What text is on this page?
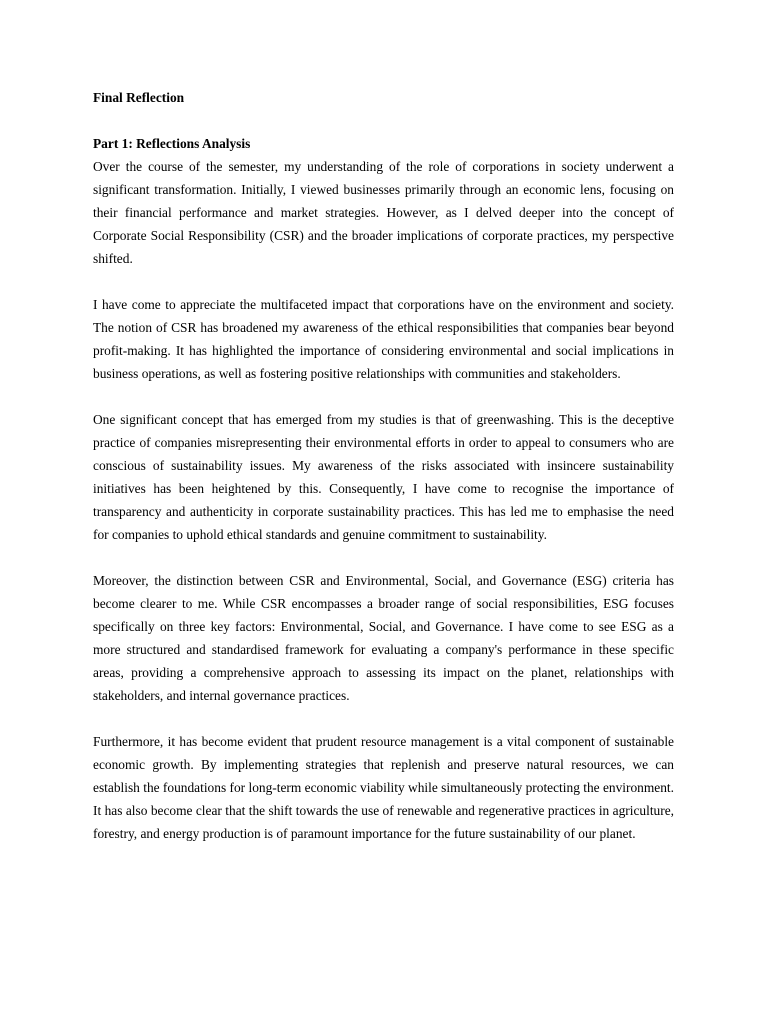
Final Reflection

Part 1: Reflections Analysis

Over the course of the semester, my understanding of the role of corporations in society underwent a significant transformation. Initially, I viewed businesses primarily through an economic lens, focusing on their financial performance and market strategies. However, as I delved deeper into the concept of Corporate Social Responsibility (CSR) and the broader implications of corporate practices, my perspective shifted.

I have come to appreciate the multifaceted impact that corporations have on the environment and society. The notion of CSR has broadened my awareness of the ethical responsibilities that companies bear beyond profit-making. It has highlighted the importance of considering environmental and social implications in business operations, as well as fostering positive relationships with communities and stakeholders.

One significant concept that has emerged from my studies is that of greenwashing. This is the deceptive practice of companies misrepresenting their environmental efforts in order to appeal to consumers who are conscious of sustainability issues. My awareness of the risks associated with insincere sustainability initiatives has been heightened by this. Consequently, I have come to recognise the importance of transparency and authenticity in corporate sustainability practices. This has led me to emphasise the need for companies to uphold ethical standards and genuine commitment to sustainability.

Moreover, the distinction between CSR and Environmental, Social, and Governance (ESG) criteria has become clearer to me. While CSR encompasses a broader range of social responsibilities, ESG focuses specifically on three key factors: Environmental, Social, and Governance. I have come to see ESG as a more structured and standardised framework for evaluating a company's performance in these specific areas, providing a comprehensive approach to assessing its impact on the planet, relationships with stakeholders, and internal governance practices.

Furthermore, it has become evident that prudent resource management is a vital component of sustainable economic growth. By implementing strategies that replenish and preserve natural resources, we can establish the foundations for long-term economic viability while simultaneously protecting the environment. It has also become clear that the shift towards the use of renewable and regenerative practices in agriculture, forestry, and energy production is of paramount importance for the future sustainability of our planet.
